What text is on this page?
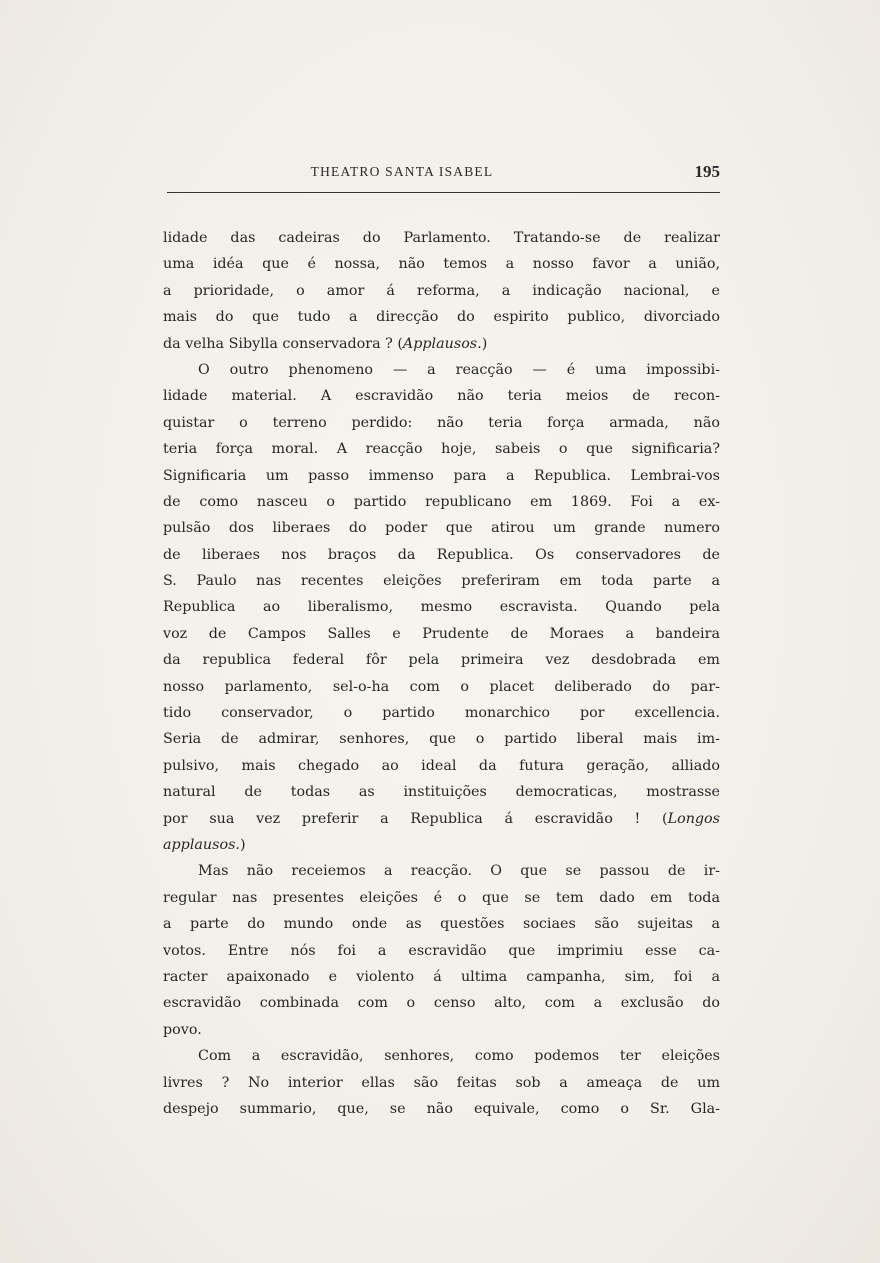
THEATRO SANTA ISABEL	195
lidade das cadeiras do Parlamento. Tratando-se de realizar
uma idéa que é nossa, não temos a nosso favor a união,
a prioridade, o amor á reforma, a indicação nacional, e
mais do que tudo a direcção do espirito publico, divorciado
da velha Sibylla conservadora ? (Applausos.)
O outro phenomeno — a reacção — é uma impossibi-
lidade material. A escravidão não teria meios de recon-
quistar o terreno perdido: não teria força armada, não
teria força moral. A reacção hoje, sabeis o que significaria?
Significaria um passo immenso para a Republica. Lembrai-vos
de como nasceu o partido republicano em 1869. Foi a ex-
pulsão dos liberaes do poder que atirou um grande numero
de liberaes nos braços da Republica. Os conservadores de
S. Paulo nas recentes eleições preferiram em toda parte a
Republica ao liberalismo, mesmo escravista. Quando pela
voz de Campos Salles e Prudente de Moraes a bandeira
da republica federal fôr pela primeira vez desdobrada em
nosso parlamento, sel-o-ha com o placet deliberado do par-
tido conservador, o partido monarchico por excellencia.
Seria de admirar, senhores, que o partido liberal mais im-
pulsivo, mais chegado ao ideal da futura geração, alliado
natural de todas as instituições democraticas, mostrasse
por sua vez preferir a Republica á escravidão ! (Longos
applausos.)
Mas não receiemos a reacção. O que se passou de ir-
regular nas presentes eleições é o que se tem dado em toda
a parte do mundo onde as questões sociaes são sujeitas a
votos. Entre nós foi a escravidão que imprimiu esse ca-
racter apaixonado e violento á ultima campanha, sim, foi a
escravidão combinada com o censo alto, com a exclusão do
povo.
Com a escravidão, senhores, como podemos ter eleições
livres ? No interior ellas são feitas sob a ameaça de um
despejo summario, que, se não equivale, como o Sr. Gla-
